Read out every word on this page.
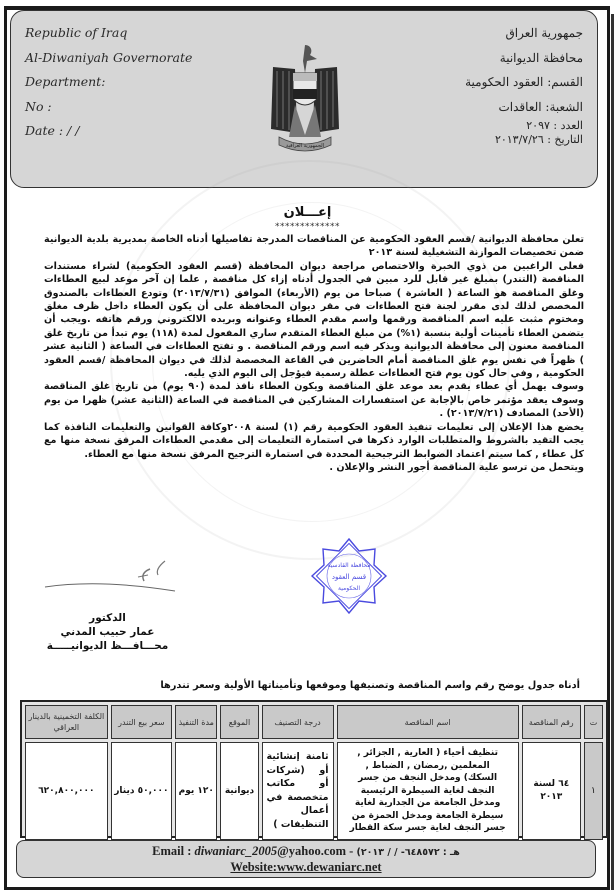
Republic of Iraq
Al-Diwaniyah Governorate
Department:
No :
Date : / /
الجمهورية العراقية
جمهورية العراق
محافظة الديوانية
القسم: العقود الحكومية
الشعبة: العاقدات
العدد : ٢٠٩٧
التاريخ : ٢٠١٣/٧/٢٦
إعـــلان
*************

تعلن محافظة الديوانية /قسم العقود الحكومية عن المناقصات المدرجة تفاصيلها أدناه الخاصة بمديرية بلدية الديوانية ضمن تخصيصات الموازنة التشغيلية لسنة ٢٠١٣

فعلى الراغبين من ذوي الخبرة والاختصاص مراجعة ديوان المحافظة (قسم العقود الحكومية) لشراء مستندات المناقصة (التندر) بمبلغ غير قابل للرد مبين في الجدول أدناه إزاء كل مناقصة , علما إن آخر موعد لبيع العطاءات وغلق المناقصة هو الساعة ( العاشرة ) صباحا من يوم (الأربعاء) الموافق (٢٠١٣/٧/٣١) وتودع العطاءات بالصندوق المخصص لذلك لدى مقرر لجنة فتح العطاءات في مقر ديوان المحافظة على أن يكون العطاء داخل ظرف مغلق ومختوم مثبت عليه اسم المناقصة ورقمها واسم مقدم العطاء وعنوانه وبريده الالكتروني ورقم هاتفه .ويجب أن يتضمن العطاء تأمينات أولية بنسبة (١%) من مبلغ العطاء المتقدم ساري المفعول لمدة (١١٨) يوم تبدأ من تاريخ غلق المناقصة معنون إلى محافظة الديوانية ويذكر فيه اسم ورقم المناقصة . و تفتح العطاءات في الساعة ( الثانية عشر ) ظهراً في نفس يوم غلق المناقصة أمام الحاضرين في القاعة المخصصة لذلك في ديوان المحافظة /قسم العقود الحكومية , وفي حال كون يوم فتح العطاءات عطلة رسمية فيؤجل إلى اليوم الذي يليه.

وسوف يهمل أي عطاء يقدم بعد موعد غلق المناقصة ويكون العطاء نافذ لمدة (٩٠ يوم) من تاريخ غلق المناقصة وسوف يعقد مؤتمر خاص بالإجابة عن استفسارات المشاركين في المناقصة في الساعة (الثانية عشر) ظهرا من يوم (الأحد) المصادف (٢٠١٣/٧/٢١) .

يخضع هذا الإعلان إلى تعليمات تنفيذ العقود الحكومية رقم (١) لسنة ٢٠٠٨وكافة القوانين والتعليمات النافذة كما يجب التقيد بالشروط والمتطلبات الوارد ذكرها في استمارة التعليمات إلى مقدمي العطاءات المرفق نسخة منها مع كل عطاء , كما سيتم اعتماد الضوابط الترجيحية المحددة في استمارة الترجيح المرفق نسخة منها مع العطاء.

ويتحمل من ترسو علية المناقصة أجور النشر والإعلان .

محافظة القادسية
قسم العقود
الحكومية
الدكتور
عمار حبيب المدني
محـــافـــظ الديوانيـــــة
أدناه جدول يوضح رقم واسم المناقصة وتصنيفها وموقعها وتأميناتها الأولية وسعر تندرها
ت	رقم المناقصة	اسم المناقصة	درجة التصنيف	الموقع	مدة التنفيذ	سعر بيع التندر	الكلفة التخمينية بالدينار العراقي
١	٦٤ لسنة ٢٠١٣	تنظيف أحياء ( العارية , الجزائر , المعلمين ,رمضان , الضباط , السكك) ومدخل النجف من جسر النجف لغاية السيطرة الرئيسية ومدخل الجامعة من الجدارية لغاية سيطرة الجامعة ومدخل الحمزة من جسر النجف لغاية جسر سكة القطار	ثامنة إنشائية أو (شركات أو مكاتب متخصصة في أعمال التنظيفات )	ديوانية	١٢٠ يوم	٥٠,٠٠٠ دينار	٦٢٠,٨٠٠,٠٠٠
Email : diwaniarc_2005@yahoo.com - هـ : ٦٤٨٥٧٢- / / ٢٠١٣)
Website:www.dewaniarc.net
